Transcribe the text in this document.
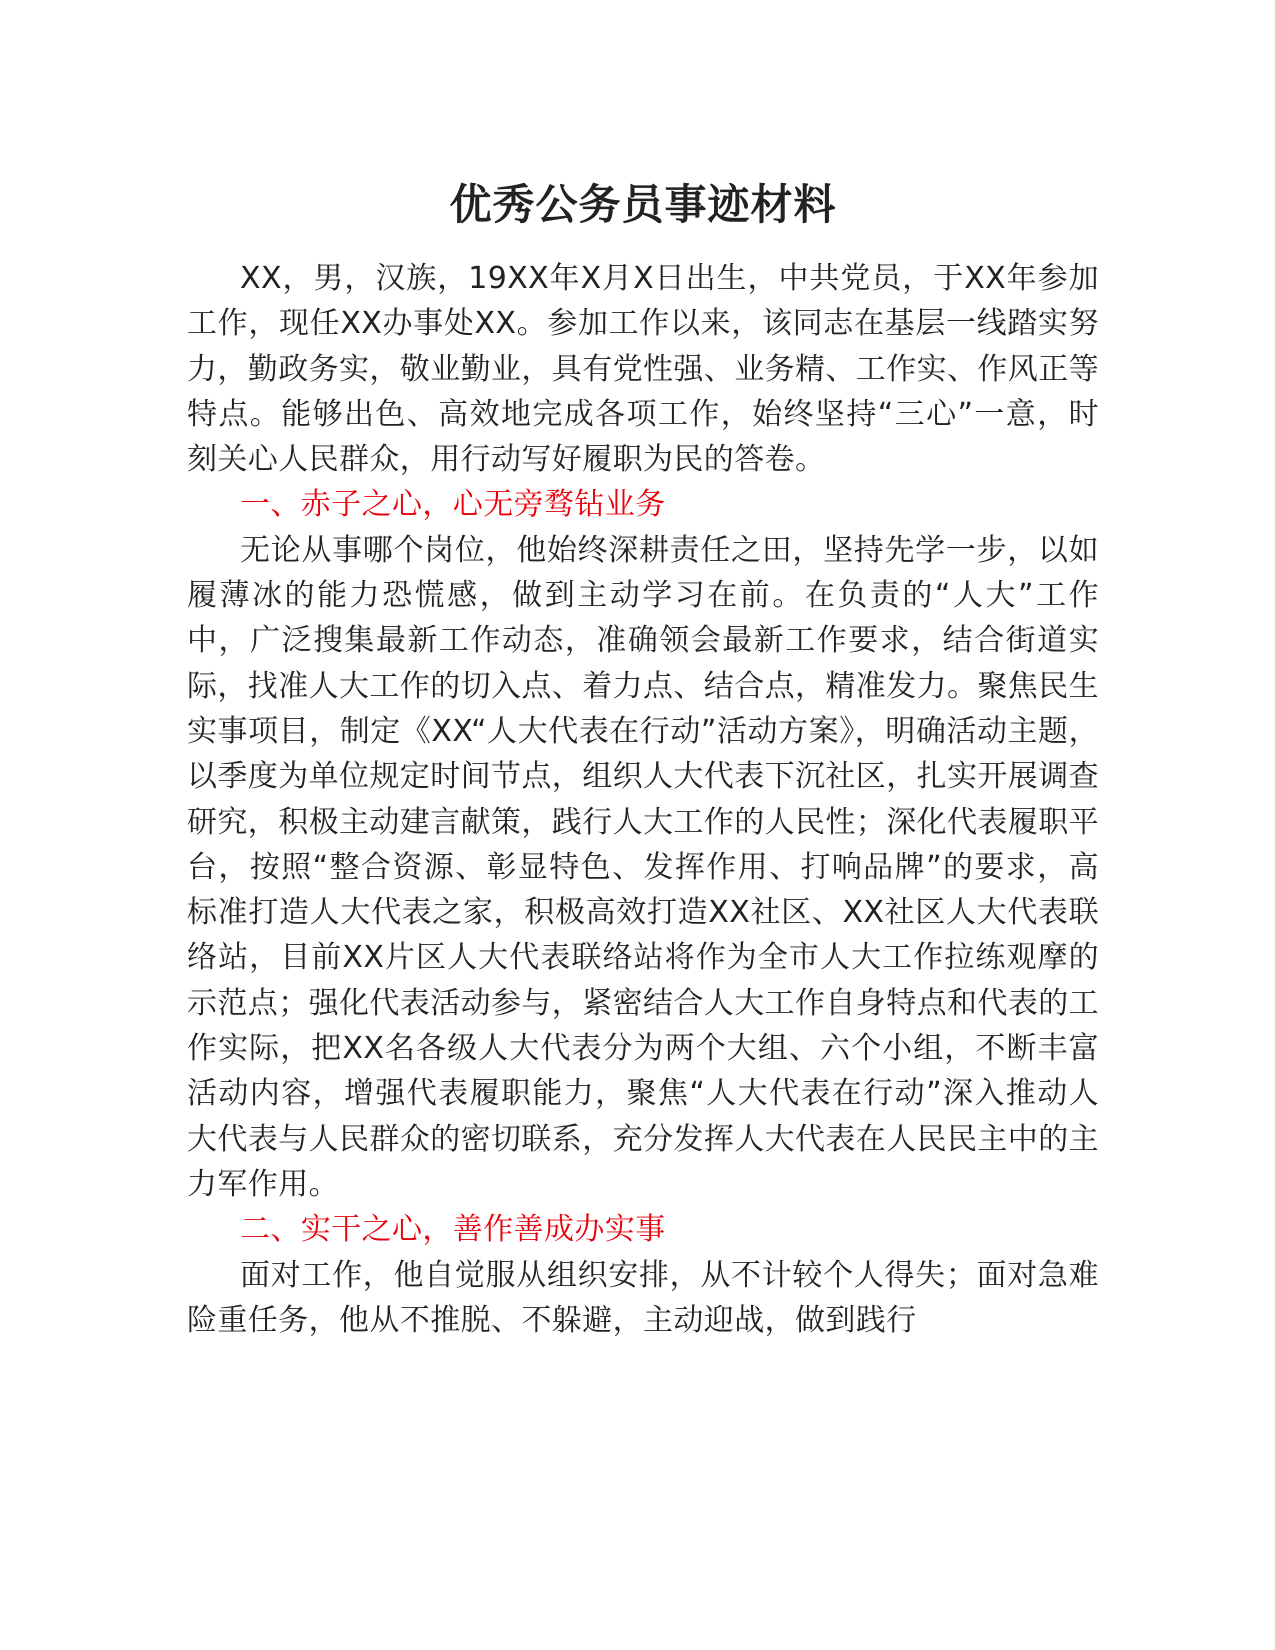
优秀公务员事迹材料

XX，男，汉族，19XX年X月X日出生，中共党员，于XX年参加工作，现任XX办事处XX。参加工作以来，该同志在基层一线踏实努力，勤政务实，敬业勤业，具有党性强、业务精、工作实、作风正等特点。能够出色、高效地完成各项工作，始终坚持“三心”一意，时刻关心人民群众，用行动写好履职为民的答卷。

一、赤子之心，心无旁骛钻业务

无论从事哪个岗位，他始终深耕责任之田，坚持先学一步，以如履薄冰的能力恐慌感，做到主动学习在前。在负责的“人大”工作中，广泛搜集最新工作动态，准确领会最新工作要求，结合街道实际，找准人大工作的切入点、着力点、结合点，精准发力。聚焦民生实事项目，制定《XX“人大代表在行动”活动方案》，明确活动主题，以季度为单位规定时间节点，组织人大代表下沉社区，扎实开展调查研究，积极主动建言献策，践行人大工作的人民性；深化代表履职平台，按照“整合资源、彰显特色、发挥作用、打响品牌”的要求，高标准打造人大代表之家，积极高效打造XX社区、XX社区人大代表联络站，目前XX片区人大代表联络站将作为全市人大工作拉练观摩的示范点；强化代表活动参与，紧密结合人大工作自身特点和代表的工作实际，把XX名各级人大代表分为两个大组、六个小组，不断丰富活动内容，增强代表履职能力，聚焦“人大代表在行动”深入推动人大代表与人民群众的密切联系，充分发挥人大代表在人民民主中的主力军作用。

二、实干之心，善作善成办实事

面对工作，他自觉服从组织安排，从不计较个人得失；面对急难险重任务，他从不推脱、不躲避，主动迎战，做到践行
